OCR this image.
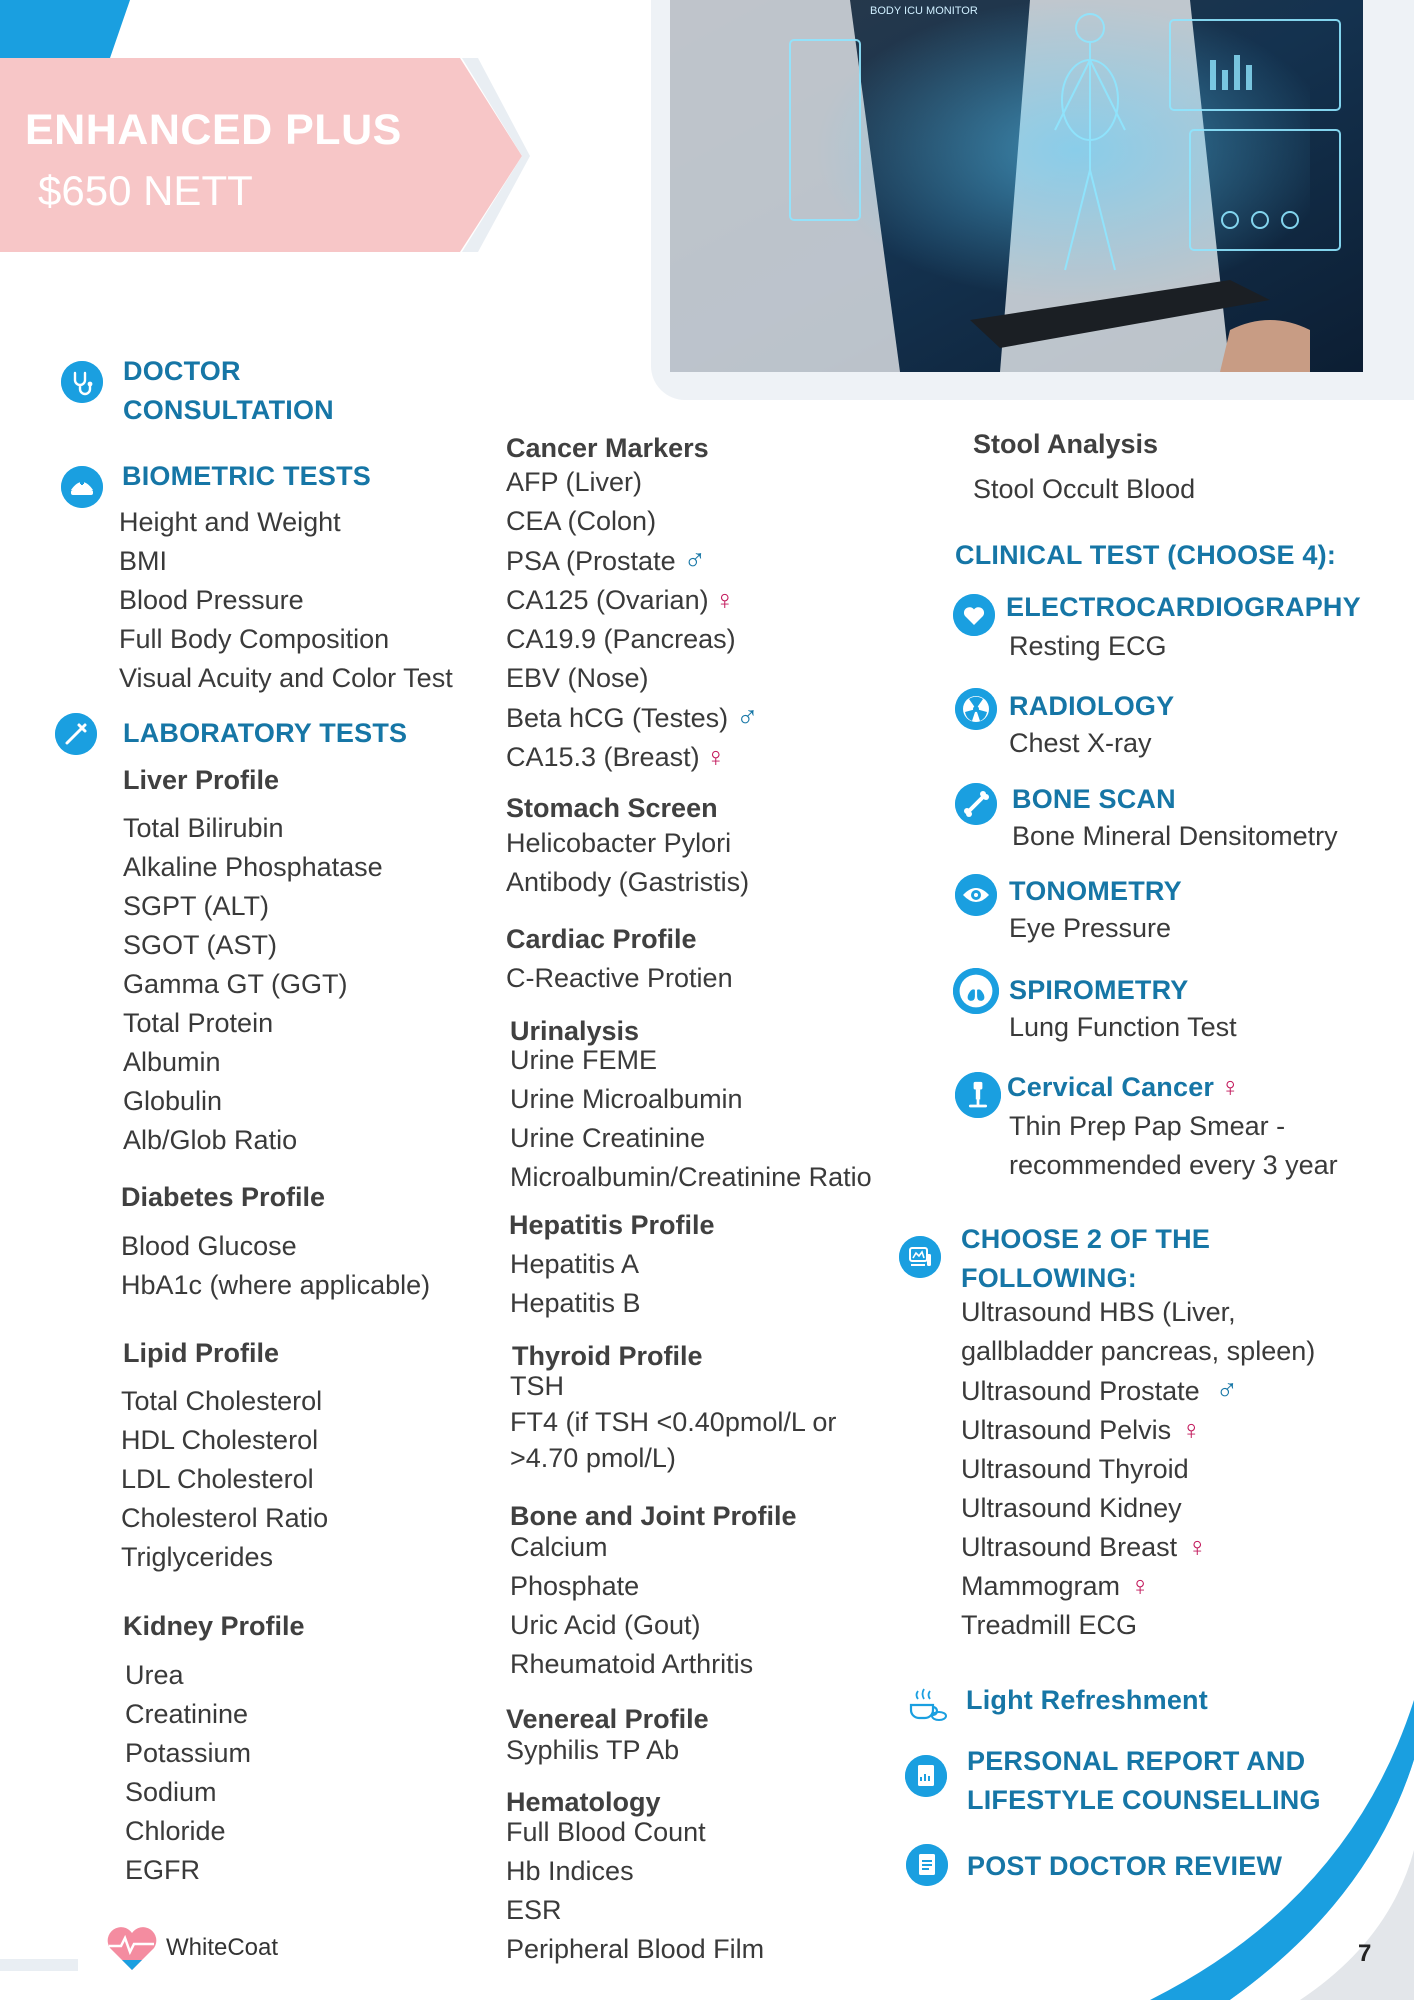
ENHANCED PLUS
$650 NETT
BODY ICU MONITOR
DOCTOR
CONSULTATION
BIOMETRIC TESTS
Height and Weight
BMI
Blood Pressure
Full Body Composition
Visual Acuity and Color Test
LABORATORY TESTS
Liver Profile
Total Bilirubin
Alkaline Phosphatase
SGPT (ALT)
SGOT (AST)
Gamma GT (GGT)
Total Protein
Albumin
Globulin
Alb/Glob Ratio
Diabetes Profile
Blood Glucose
HbA1c (where applicable)
Lipid Profile
Total Cholesterol
HDL Cholesterol
LDL Cholesterol
Cholesterol Ratio
Triglycerides
Kidney Profile
Urea
Creatinine
Potassium
Sodium
Chloride
EGFR
Cancer Markers
AFP (Liver)
CEA (Colon)
PSA (Prostate ♂
CA125 (Ovarian) ♀
CA19.9 (Pancreas)
EBV (Nose)
Beta hCG (Testes) ♂
CA15.3 (Breast) ♀
Stomach Screen
Helicobacter Pylori
Antibody (Gastristis)
Cardiac Profile
C-Reactive Protien
Urinalysis
Urine FEME
Urine Microalbumin
Urine Creatinine
Microalbumin/Creatinine Ratio
Hepatitis Profile
Hepatitis A
Hepatitis B
Thyroid Profile
TSH
FT4 (if TSH <0.40pmol/L or
>4.70 pmol/L)
Bone and Joint Profile
Calcium
Phosphate
Uric Acid (Gout)
Rheumatoid Arthritis
Venereal Profile
Syphilis TP Ab
Hematology
Full Blood Count
Hb Indices
ESR
Peripheral Blood Film
Stool Analysis
Stool Occult Blood
CLINICAL TEST (CHOOSE 4):
ELECTROCARDIOGRAPHY
Resting ECG
RADIOLOGY
Chest X-ray
BONE SCAN
Bone Mineral Densitometry
TONOMETRY
Eye Pressure
SPIROMETRY
Lung Function Test
Cervical Cancer ♀
Thin Prep Pap Smear -
recommended every 3 year
CHOOSE 2 OF THE
FOLLOWING:
Ultrasound HBS (Liver,
gallbladder pancreas, spleen)
Ultrasound Prostate ♂
Ultrasound Pelvis ♀
Ultrasound Thyroid
Ultrasound Kidney
Ultrasound Breast ♀
Mammogram ♀
Treadmill ECG
Light Refreshment
PERSONAL REPORT AND
LIFESTYLE COUNSELLING
POST DOCTOR REVIEW
WhiteCoat	7
